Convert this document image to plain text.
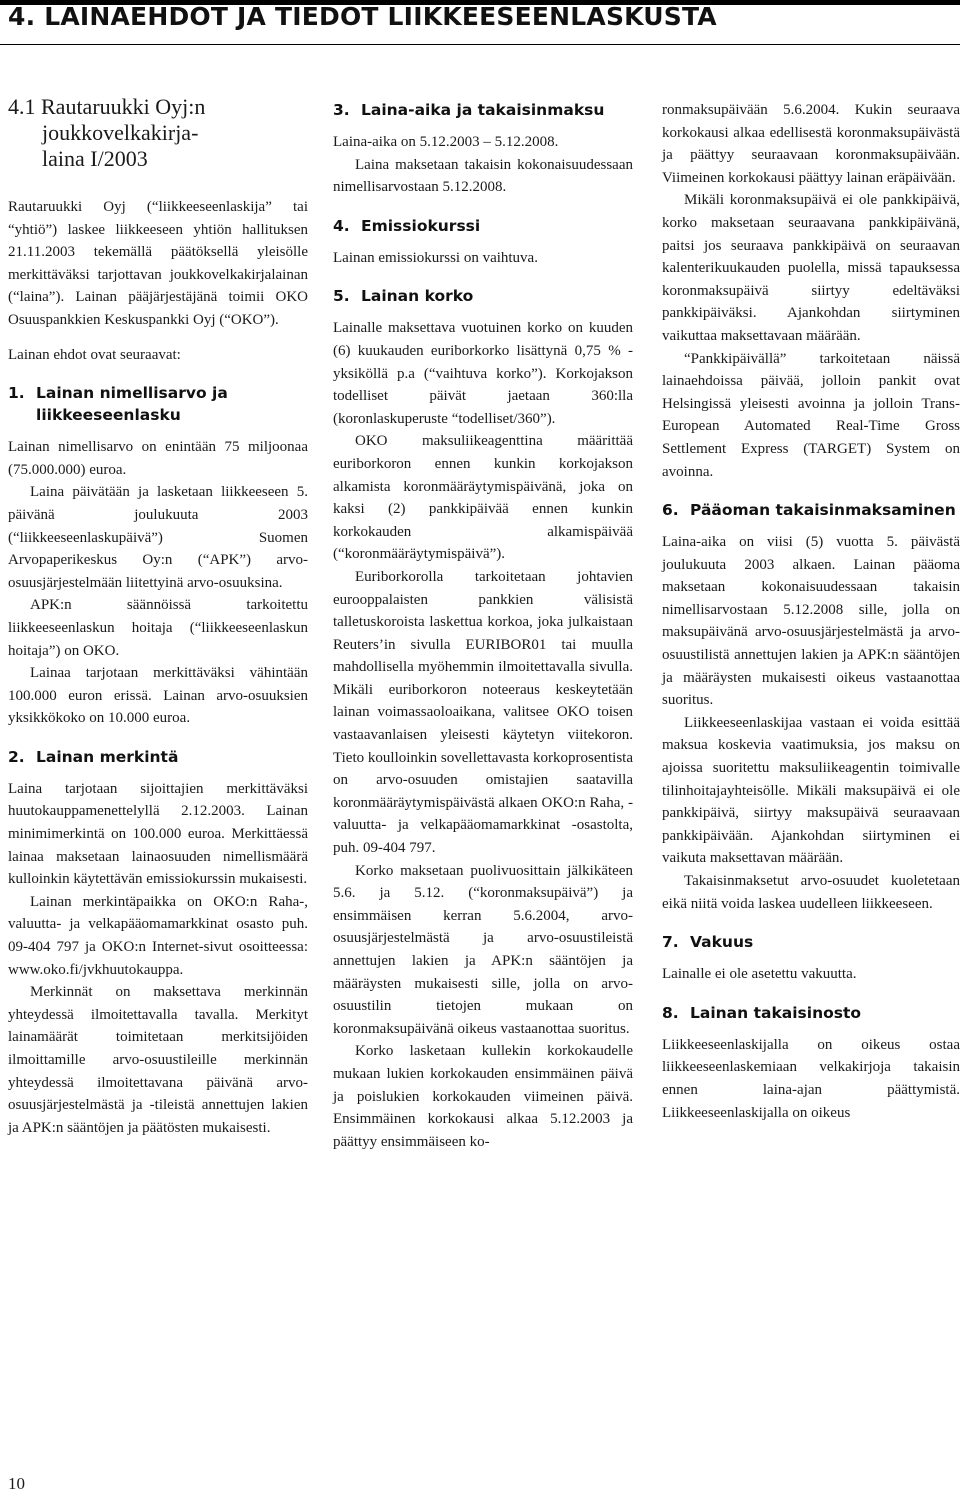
4. LAINAEHDOT JA TIEDOT LIIKKEESEENLASKUSTA
4.1 Rautaruukki Oyj:n
joukkovelkakirja-
laina I/2003

Rautaruukki Oyj (“liikkeeseenlaskija” tai “yhtiö”) laskee liikkeeseen yhtiön hallituksen 21.11.2003 tekemällä päätöksellä yleisölle merkittäväksi tarjottavan joukkovelkakirjalainan (“laina”). Lainan pääjärjestäjänä toimii OKO Osuuspankkien Keskuspankki Oyj (“OKO”).

Lainan ehdot ovat seuraavat:

1. Lainan nimellisarvo ja liikkeeseenlasku

Lainan nimellisarvo on enintään 75 miljoonaa (75.000.000) euroa.

Laina päivätään ja lasketaan liikkeeseen 5. päivänä joulukuuta 2003 (“liikkeeseenlaskupäivä”) Suomen Arvopaperikeskus Oy:n (“APK”) arvo-osuusjärjestelmään liitettyinä arvo-osuuksina.

APK:n säännöissä tarkoitettu liikkeeseenlaskun hoitaja (“liikkeeseenlaskun hoitaja”) on OKO.

Lainaa tarjotaan merkittäväksi vähintään 100.000 euron erissä. Lainan arvo-osuuksien yksikkökoko on 10.000 euroa.

2. Lainan merkintä

Laina tarjotaan sijoittajien merkittäväksi huutokauppamenettelyllä 2.12.2003. Lainan minimimerkintä on 100.000 euroa. Merkittäessä lainaa maksetaan lainaosuuden nimellismäärä kulloinkin käytettävän emissiokurssin mukaisesti.

Lainan merkintäpaikka on OKO:n Raha-, valuutta- ja velkapääomamarkkinat osasto puh. 09-404 797 ja OKO:n Internet-sivut osoitteessa: www.oko.fi/jvkhuutokauppa.

Merkinnät on maksettava merkinnän yhteydessä ilmoitettavalla tavalla. Merkityt lainamäärät toimitetaan merkitsijöiden ilmoittamille arvo-osuustileille merkinnän yhteydessä ilmoitettavana päivänä arvo-osuusjärjestelmästä ja -tileistä annettujen lakien ja APK:n sääntöjen ja päätösten mukaisesti.

3. Laina-aika ja takaisinmaksu

Laina-aika on 5.12.2003 – 5.12.2008.

Laina maksetaan takaisin kokonaisuudessaan nimellisarvostaan 5.12.2008.

4. Emissiokurssi

Lainan emissiokurssi on vaihtuva.

5. Lainan korko

Lainalle maksettava vuotuinen korko on kuuden (6) kuukauden euriborkorko lisättynä 0,75 % -yksiköllä p.a (“vaihtuva korko”). Korkojakson todelliset päivät jaetaan 360:lla (koronlaskuperuste “todelliset/360”).

OKO maksuliikeagenttina määrittää euriborkoron ennen kunkin korkojakson alkamista koronmääräytymispäivänä, joka on kaksi (2) pankkipäivää ennen kunkin korkokauden alkamispäivää (“koronmääräytymispäivä”).

Euriborkorolla tarkoitetaan johtavien eurooppalaisten pankkien välisistä talletuskoroista laskettua korkoa, joka julkaistaan Reuters’in sivulla EURIBOR01 tai muulla mahdollisella myöhemmin ilmoitettavalla sivulla. Mikäli euriborkoron noteeraus keskeytetään lainan voimassaoloaikana, valitsee OKO toisen vastaavanlaisen yleisesti käytetyn viitekoron. Tieto koulloinkin sovellettavasta korkoprosentista on arvo-osuuden omistajien saatavilla koronmääräytymispäivästä alkaen OKO:n Raha, -valuutta- ja velkapääomamarkkinat -osastolta, puh. 09-404 797.

Korko maksetaan puolivuosittain jälkikäteen 5.6. ja 5.12. (“koronmaksupäivä”) ja ensimmäisen kerran 5.6.2004, arvo-osuusjärjestelmästä ja arvo-osuustileistä annettujen lakien ja APK:n sääntöjen ja määräysten mukaisesti sille, jolla on arvo-osuustilin tietojen mukaan on koronmaksupäivänä oikeus vastaanottaa suoritus.

Korko lasketaan kullekin korkokaudelle mukaan lukien korkokauden ensimmäinen päivä ja poislukien korkokauden viimeinen päivä. Ensimmäinen korkokausi alkaa 5.12.2003 ja päättyy ensimmäiseen ko-

ronmaksupäivään 5.6.2004. Kukin seuraava korkokausi alkaa edellisestä koronmaksupäivästä ja päättyy seuraavaan koronmaksupäivään. Viimeinen korkokausi päättyy lainan eräpäivään.

Mikäli koronmaksupäivä ei ole pankkipäivä, korko maksetaan seuraavana pankkipäivänä, paitsi jos seuraava pankkipäivä on seuraavan kalenterikuukauden puolella, missä tapauksessa koronmaksupäivä siirtyy edeltäväksi pankkipäiväksi. Ajankohdan siirtyminen vaikuttaa maksettavaan määrään.

“Pankkipäivällä” tarkoitetaan näissä lainaehdoissa päivää, jolloin pankit ovat Helsingissä yleisesti avoinna ja jolloin Trans-European Automated Real-Time Gross Settlement Express (TARGET) System on avoinna.

6. Pääoman takaisinmaksaminen

Laina-aika on viisi (5) vuotta 5. päivästä joulukuuta 2003 alkaen. Lainan pääoma maksetaan kokonaisuudessaan takaisin nimellisarvostaan 5.12.2008 sille, jolla on maksupäivänä arvo-osuusjärjestelmästä ja arvo-osuustilistä annettujen lakien ja APK:n sääntöjen ja määräysten mukaisesti oikeus vastaanottaa suoritus.

Liikkeeseenlaskijaa vastaan ei voida esittää maksua koskevia vaatimuksia, jos maksu on ajoissa suoritettu maksuliikeagentin toimivalle tilinhoitajayhteisölle. Mikäli maksupäivä ei ole pankkipäivä, siirtyy maksupäivä seuraavaan pankkipäivään. Ajankohdan siirtyminen ei vaikuta maksettavan määrään.

Takaisinmaksetut arvo-osuudet kuoletetaan eikä niitä voida laskea uudelleen liikkeeseen.

7. Vakuus

Lainalle ei ole asetettu vakuutta.

8. Lainan takaisinosto

Liikkeeseenlaskijalla on oikeus ostaa liikkeeseenlaskemiaan velkakirjoja takaisin ennen laina-ajan päättymistä. Liikkeeseenlaskijalla on oikeus

10
